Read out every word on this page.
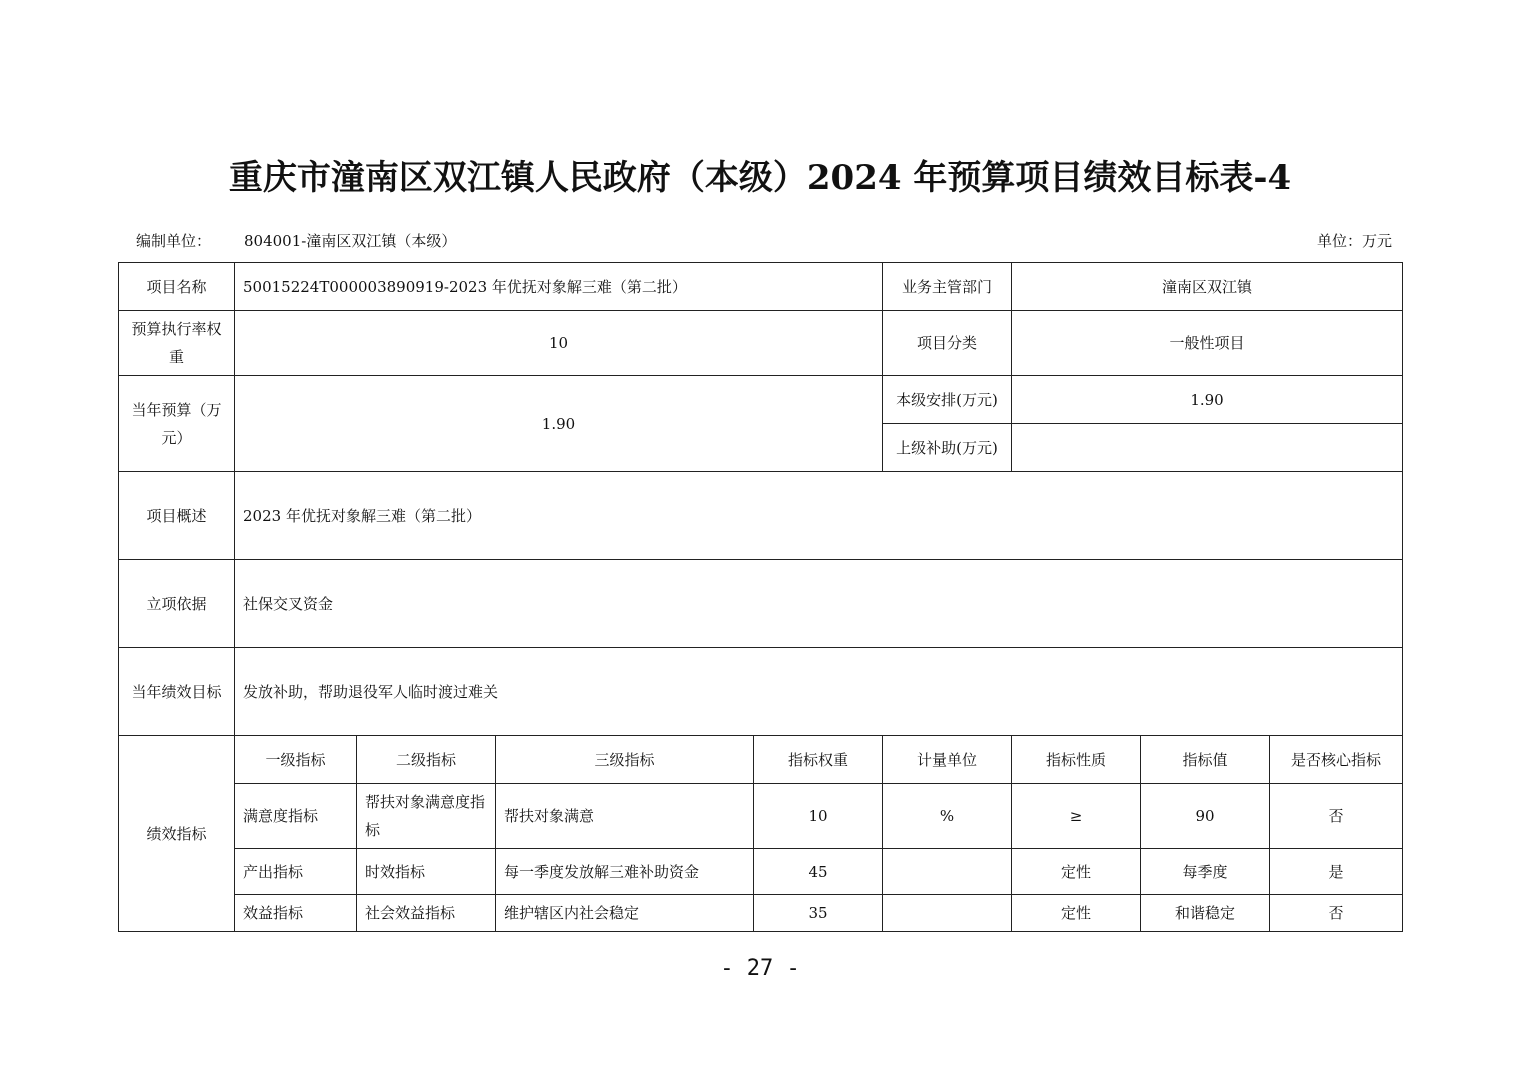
重庆市潼南区双江镇人民政府（本级）2024 年预算项目绩效目标表-4
编制单位： 804001-潼南区双江镇（本级）	单位：万元
项目名称	50015224T000003890919-2023 年优抚对象解三难（第二批）				业务主管部门	潼南区双江镇		
预算执行率权重	10				项目分类	一般性项目		
当年预算（万元）	1.90				本级安排(万元)	1.90		
					上级补助(万元)			
项目概述	2023 年优抚对象解三难（第二批）							
立项依据	社保交叉资金							
当年绩效目标	发放补助，帮助退役军人临时渡过难关							
绩效指标	一级指标	二级指标	三级指标	指标权重	计量单位	指标性质	指标值	是否核心指标
	满意度指标	帮扶对象满意度指标	帮扶对象满意	10	%	≥	90	否
	产出指标	时效指标	每一季度发放解三难补助资金	45		定性	每季度	是
	效益指标	社会效益指标	维护辖区内社会稳定	35		定性	和谐稳定	否
- 27 -
